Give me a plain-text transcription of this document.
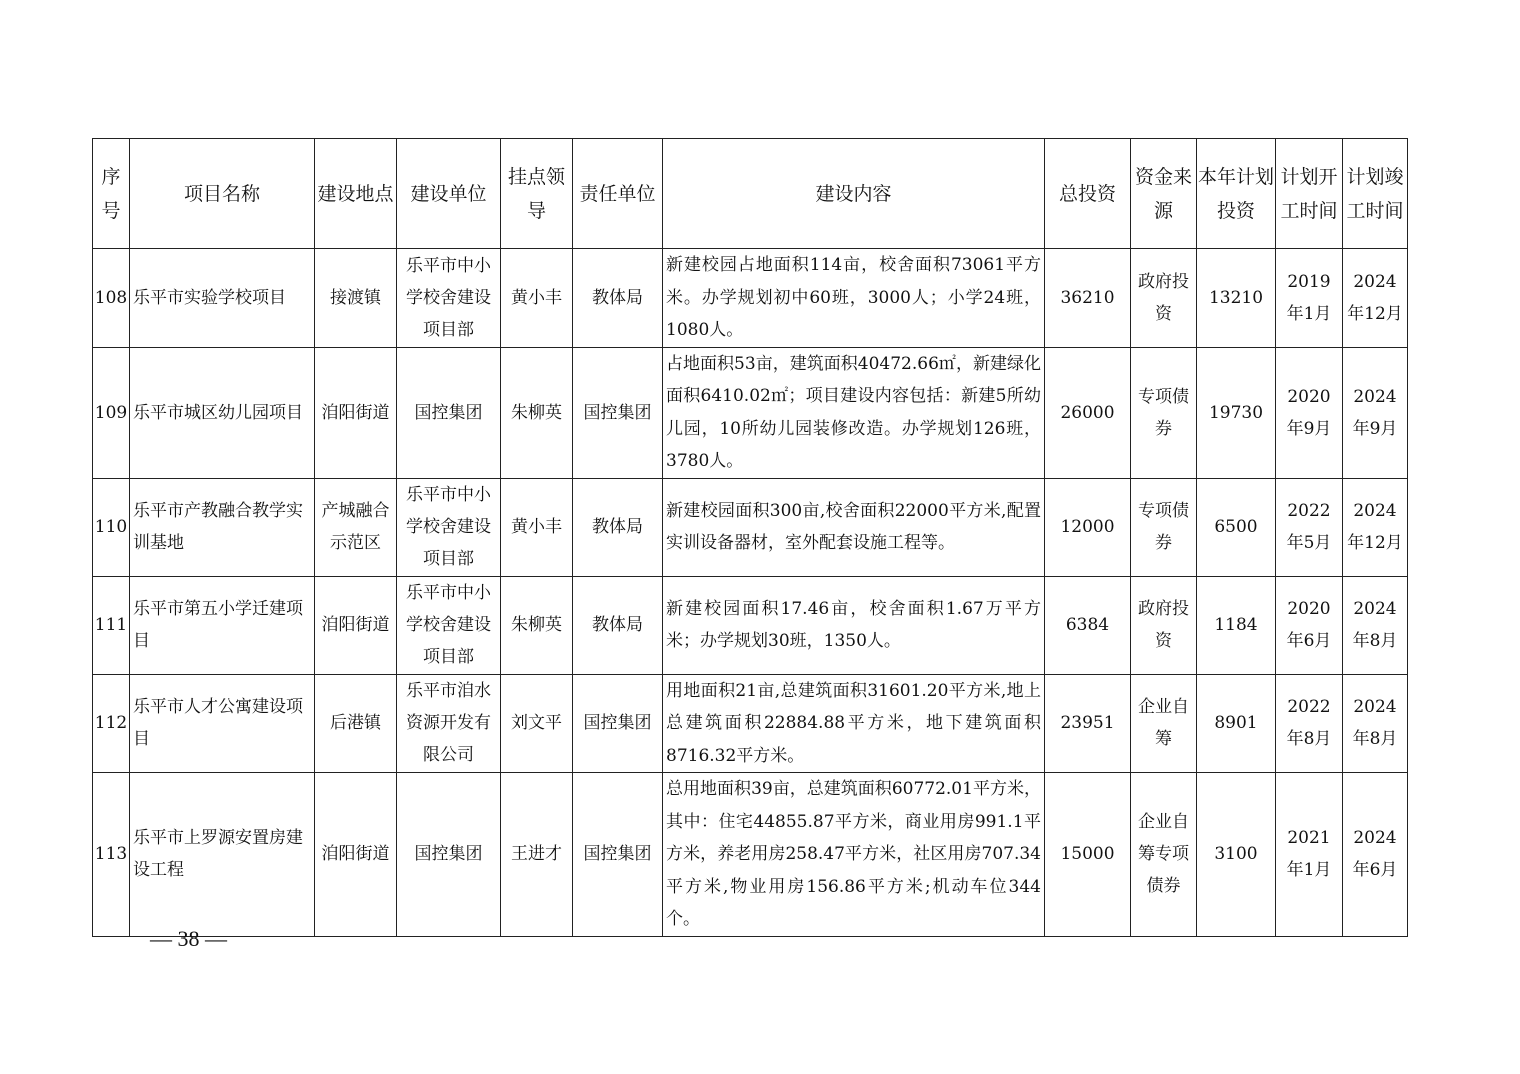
序号	项目名称	建设地点	建设单位	挂点领导	责任单位	建设内容	总投资	资金来源	本年计划投资	计划开工时间	计划竣工时间
108	乐平市实验学校项目	接渡镇	乐平市中小学校舍建设项目部	黄小丰	教体局	新建校园占地面积114亩，校舍面积73061平方米。办学规划初中60班，3000人；小学24班，1080人。	36210	政府投资	13210	2019年1月	2024年12月
109	乐平市城区幼儿园项目	洎阳街道	国控集团	朱柳英	国控集团	占地面积53亩，建筑面积40472.66㎡，新建绿化面积6410.02㎡；项目建设内容包括：新建5所幼儿园，10所幼儿园装修改造。办学规划126班，3780人。	26000	专项债券	19730	2020年9月	2024年9月
110	乐平市产教融合教学实训基地	产城融合示范区	乐平市中小学校舍建设项目部	黄小丰	教体局	新建校园面积300亩,校舍面积22000平方米,配置实训设备器材，室外配套设施工程等。	12000	专项债券	6500	2022年5月	2024年12月
111	乐平市第五小学迁建项目	洎阳街道	乐平市中小学校舍建设项目部	朱柳英	教体局	新建校园面积17.46亩，校舍面积1.67万平方米；办学规划30班，1350人。	6384	政府投资	1184	2020年6月	2024年8月
112	乐平市人才公寓建设项目	后港镇	乐平市洎水资源开发有限公司	刘文平	国控集团	用地面积21亩,总建筑面积31601.20平方米,地上总建筑面积22884.88平方米，地下建筑面积8716.32平方米。	23951	企业自筹	8901	2022年8月	2024年8月
113	乐平市上罗源安置房建设工程	洎阳街道	国控集团	王进才	国控集团	总用地面积39亩，总建筑面积60772.01平方米，其中：住宅44855.87平方米，商业用房991.1平方米，养老用房258.47平方米，社区用房707.34平方米,物业用房156.86平方米;机动车位344个。	15000	企业自筹专项债券	3100	2021年1月	2024年6月
— 38 —
